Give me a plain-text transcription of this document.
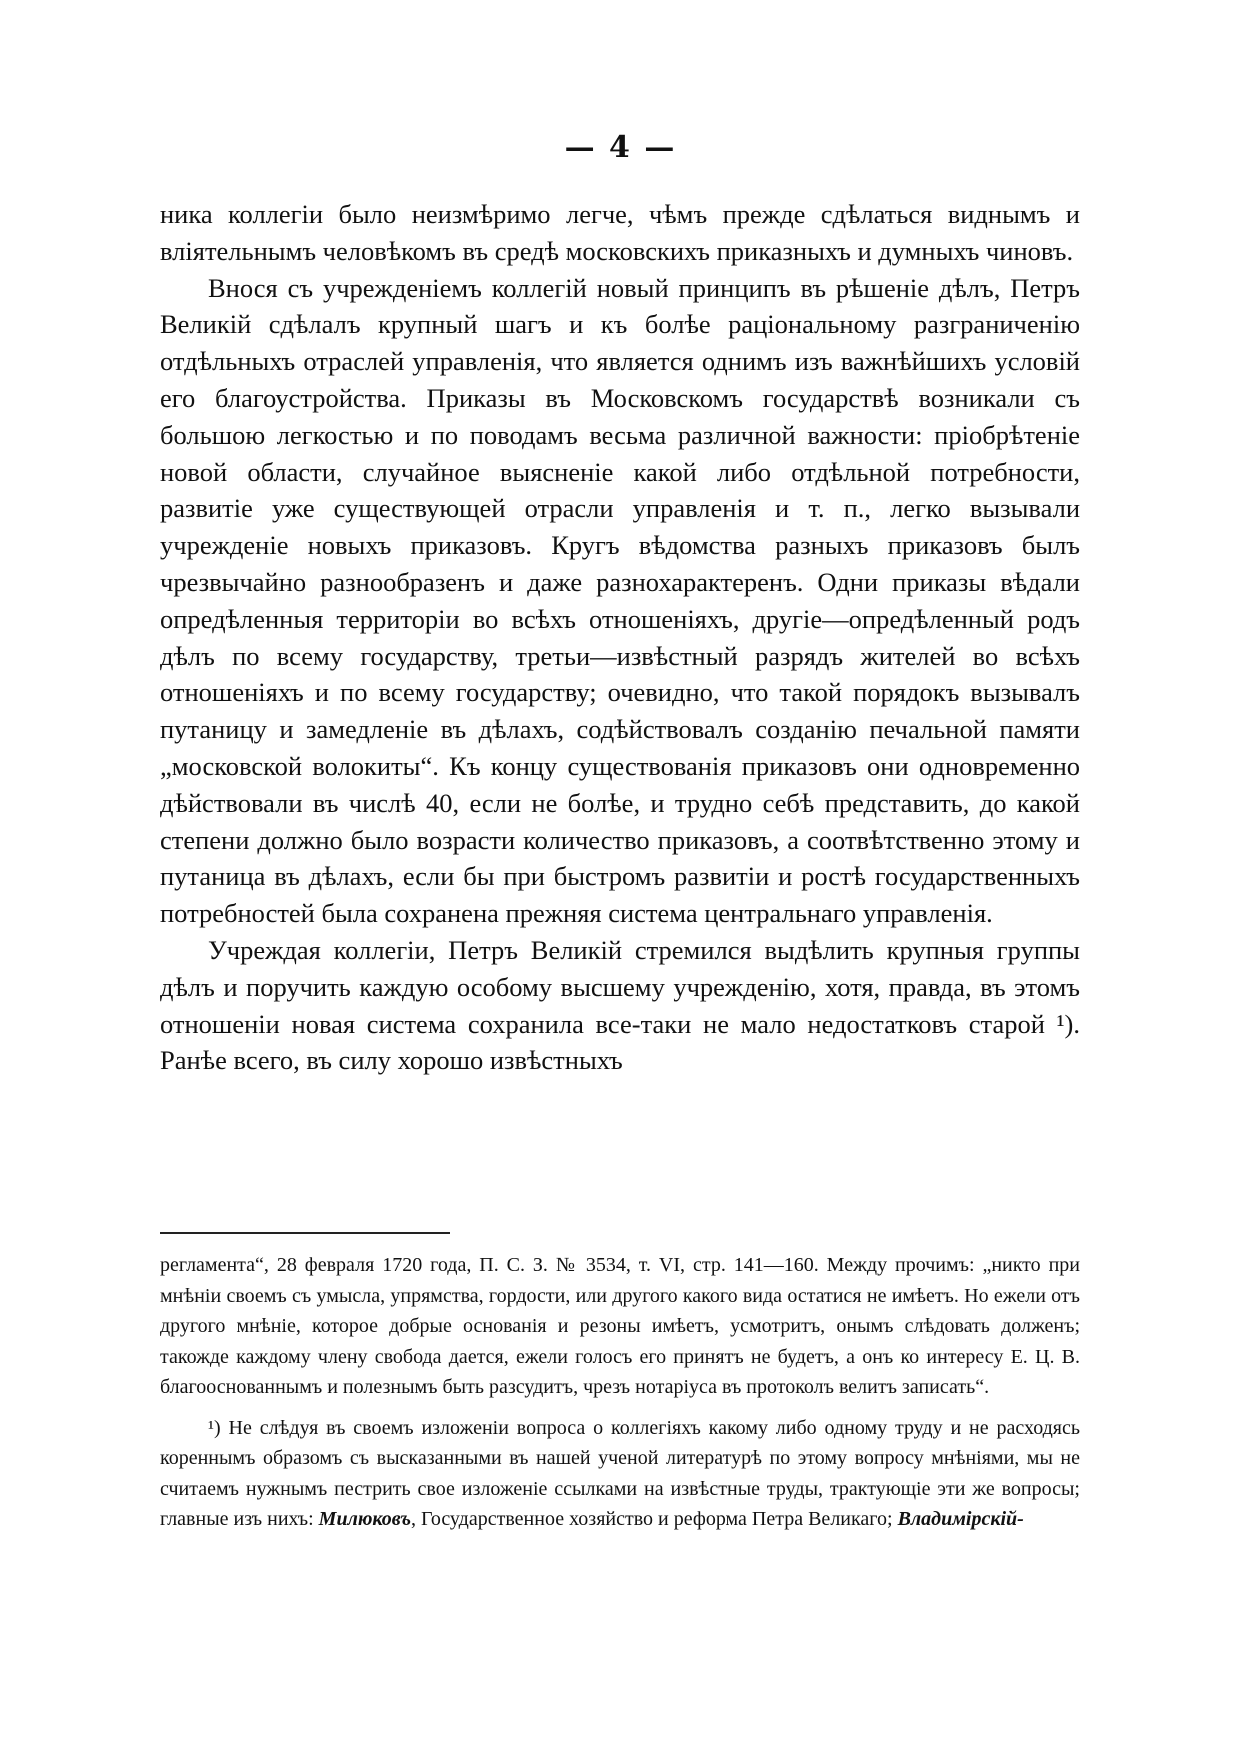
— 4 —

ника коллегіи было неизмѣримо легче, чѣмъ прежде сдѣлаться виднымъ и вліятельнымъ человѣкомъ въ средѣ московскихъ приказныхъ и думныхъ чиновъ.

Внося съ учрежденіемъ коллегій новый принципъ въ рѣшеніе дѣлъ, Петръ Великій сдѣлалъ крупный шагъ и къ болѣе раціональному разграниченію отдѣльныхъ отраслей управленія, что является однимъ изъ важнѣйшихъ условій его благоустройства. Приказы въ Московскомъ государствѣ возникали съ большою легкостью и по поводамъ весьма различной важности: пріобрѣтеніе новой области, случайное выясненіе какой либо отдѣльной потребности, развитіе уже существующей отрасли управленія и т. п., легко вызывали учрежденіе новыхъ приказовъ. Кругъ вѣдомства разныхъ приказовъ былъ чрезвычайно разнообразенъ и даже разнохарактеренъ. Одни приказы вѣдали опредѣленныя территоріи во всѣхъ отношеніяхъ, другіе—опредѣленный родъ дѣлъ по всему государству, третьи—извѣстный разрядъ жителей во всѣхъ отношеніяхъ и по всему государству; очевидно, что такой порядокъ вызывалъ путаницу и замедленіе въ дѣлахъ, содѣйствовалъ созданію печальной памяти „московской волокиты“. Къ концу существованія приказовъ они одновременно дѣйствовали въ числѣ 40, если не болѣе, и трудно себѣ представить, до какой степени должно было возрасти количество приказовъ, а соотвѣтственно этому и путаница въ дѣлахъ, если бы при быстромъ развитіи и ростѣ государственныхъ потребностей была сохранена прежняя система центральнаго управленія.

Учреждая коллегіи, Петръ Великій стремился выдѣлить крупныя группы дѣлъ и поручить каждую особому высшему учрежденію, хотя, правда, въ этомъ отношеніи новая система сохранила все-таки не мало недостатковъ старой ¹). Ранѣе всего, въ силу хорошо извѣстныхъ

регламента“, 28 февраля 1720 года, П. С. З. № 3534, т. VI, стр. 141—160. Между прочимъ: „никто при мнѣніи своемъ съ умысла, упрямства, гордости, или другого какого вида остатися не имѣетъ. Но ежели отъ другого мнѣніе, которое добрые основанія и резоны имѣетъ, усмотритъ, онымъ слѣдовать долженъ; такожде каждому члену свобода дается, ежели голосъ его принятъ не будетъ, а онъ ко интересу Е. Ц. В. благооснованнымъ и полезнымъ быть разсудитъ, чрезъ нотаріуса въ протоколъ велитъ записать“.

¹) Не слѣдуя въ своемъ изложеніи вопроса о коллегіяхъ какому либо одному труду и не расходясь кореннымъ образомъ съ высказанными въ нашей ученой литературѣ по этому вопросу мнѣніями, мы не считаемъ нужнымъ пестрить свое изложеніе ссылками на извѣстные труды, трактующіе эти же вопросы; главные изъ нихъ: Милюковъ, Государственное хозяйство и реформа Петра Великаго; Владимірскій-
